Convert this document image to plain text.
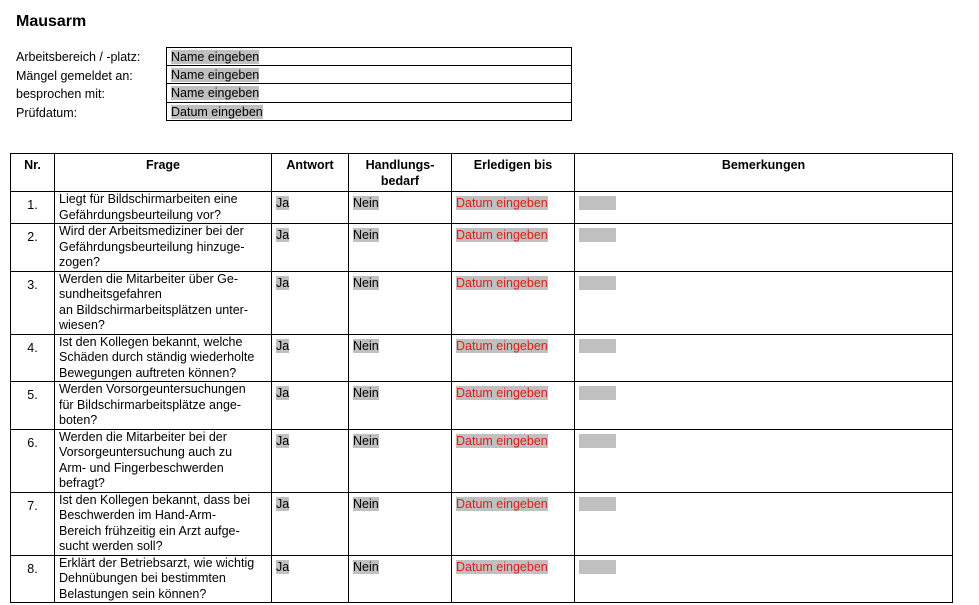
Mausarm
Arbeitsbereich / -platz:	Name eingeben
Mängel gemeldet an:	Name eingeben
besprochen mit:	Name eingeben
Prüfdatum:	Datum eingeben
Nr.	Frage	Antwort	Handlungs-
bedarf	Erledigen bis	Bemerkungen
1.	Liegt für Bildschirmarbeiten eine
Gefährdungsbeurteilung vor?	Ja	Nein	Datum eingeben	
2.	Wird der Arbeitsmediziner bei der
Gefährdungsbeurteilung hinzuge-
zogen?	Ja	Nein	Datum eingeben	
3.	Werden die Mitarbeiter über Ge-
sundheitsgefahren
an Bildschirmarbeitsplätzen unter-
wiesen?	Ja	Nein	Datum eingeben	
4.	Ist den Kollegen bekannt, welche
Schäden durch ständig wiederholte
Bewegungen auftreten können?	Ja	Nein	Datum eingeben	
5.	Werden Vorsorgeuntersuchungen
für Bildschirmarbeitsplätze ange-
boten?	Ja	Nein	Datum eingeben	
6.	Werden die Mitarbeiter bei der
Vorsorgeuntersuchung auch zu
Arm- und Fingerbeschwerden
befragt?	Ja	Nein	Datum eingeben	
7.	Ist den Kollegen bekannt, dass bei
Beschwerden im Hand-Arm-
Bereich frühzeitig ein Arzt aufge-
sucht werden soll?	Ja	Nein	Datum eingeben	
8.	Erklärt der Betriebsarzt, wie wichtig
Dehnübungen bei bestimmten
Belastungen sein können?	Ja	Nein	Datum eingeben	
